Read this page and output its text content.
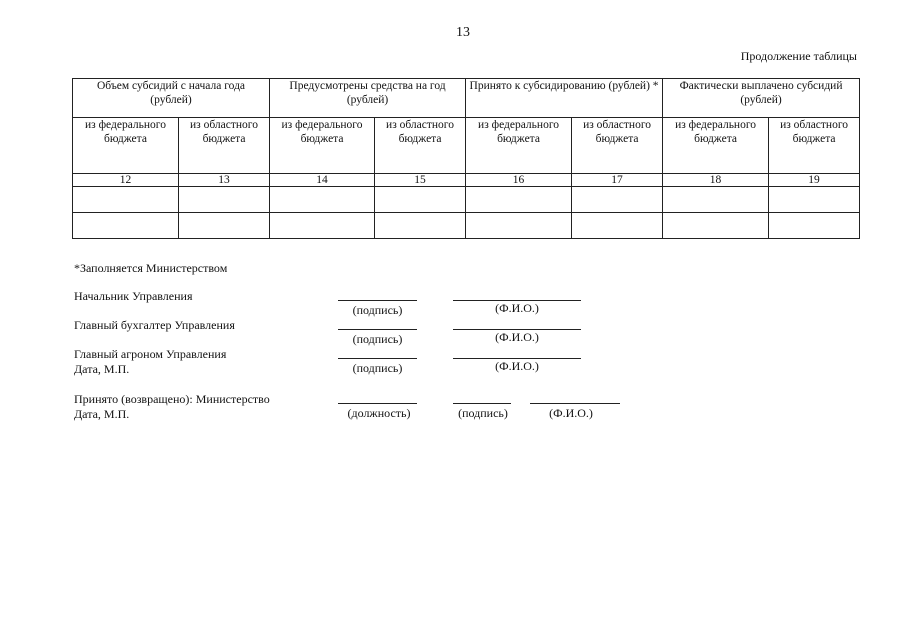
13
Продолжение таблицы
Объем субсидий с начала года (рублей)		Предусмотрены средства на год (рублей)		Принято к субсидированию (рублей) *		Фактически выплачено субсидий (рублей)	
из федерального бюджета	из областного бюджета	из федерального бюджета	из областного бюджета	из федерального бюджета	из областного бюджета	из федерального бюджета	из областного бюджета
12	13	14	15	16	17	18	19

*Заполняется Министерством
Начальник Управления
(подпись)	(Ф.И.О.)
Главный бухгалтер Управления
(подпись)	(Ф.И.О.)
Главный агроном Управления
Дата, М.П.	(подпись)	(Ф.И.О.)
Принято (возвращено): Министерство
Дата, М.П.	(должность)	(подпись)	(Ф.И.О.)
